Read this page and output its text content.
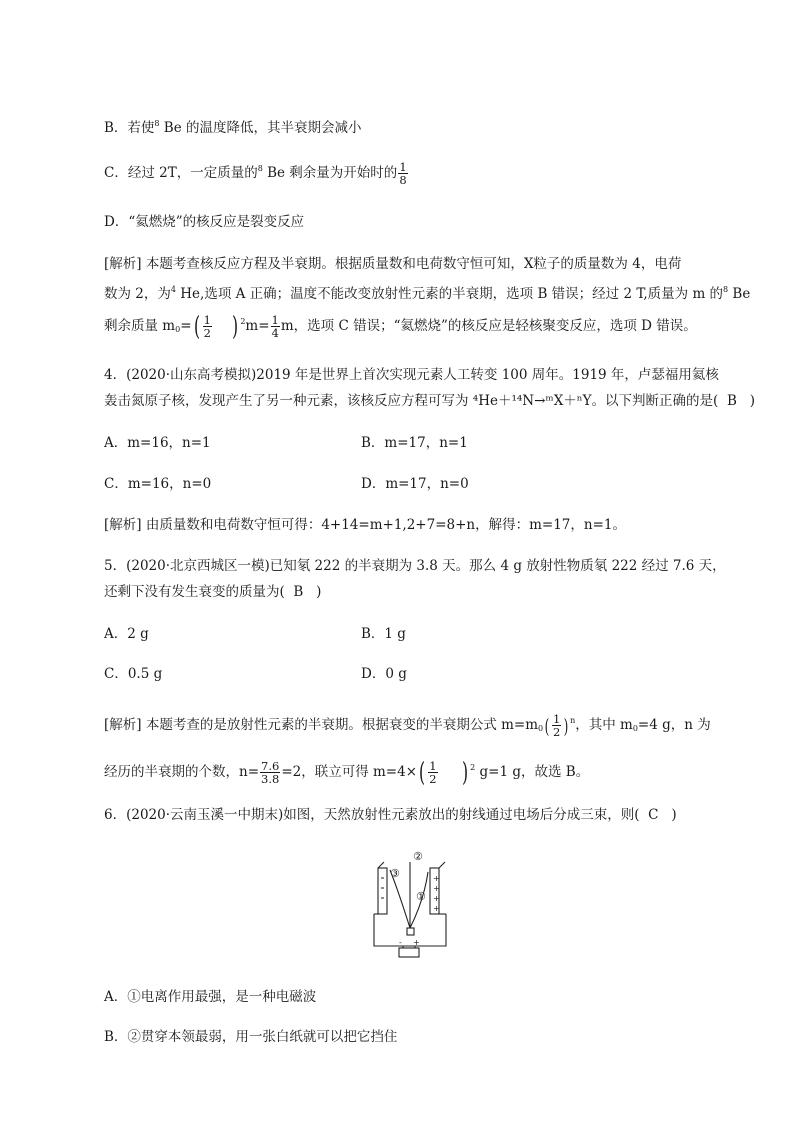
B．若使$^8$ Be 的温度降低，其半衰期会减小
C．经过 2T，一定质量的$^8$ Be 剩余量为开始时的 $\frac{1}{8}$
D．“氦燃烧”的核反应是裂变反应
[解析] 本题考查核反应方程及半衰期。根据质量数和电荷数守恒可知，X粒子的质量数为 4，电荷
数为 2，为$^4$ He,选项 A 正确；温度不能改变放射性元素的半衰期，选项 B 错误；经过 2 T,质量为 m 的$^8$ Be
剩余质量 $m_0=( \frac{1}{2}$ ) $^2m= \frac{1}{4}$ m，选项 C 错误；“氦燃烧”的核反应是轻核聚变反应，选项 D 错误。
4．(2020·山东高考模拟)2019 年是世界上首次实现元素人工转变 100 周年。1919 年，卢瑟福用氦核
轰击氮原子核，发现产生了另一种元素，该核反应方程可写为 ⁴He＋¹⁴N→ᵐX＋ⁿY。以下判断正确的是( B )
A．m=16，n=1	B．m=17，n=1
C．m=16，n=0	D．m=17，n=0
[解析] 由质量数和电荷数守恒可得：4+14=m+1,2+7=8+n，解得：m=17，n=1。
5．(2020·北京西城区一模)已知氡 222 的半衰期为 3.8 天。那么 4 g 放射性物质氡 222 经过 7.6 天，
还剩下没有发生衰变的质量为( B )
A．2 g	B．1 g
C．0.5 g	D．0 g
[解析] 本题考查的是放射性元素的半衰期。根据衰变的半衰期公式 $m=m_0( \frac{1}{2}$ ) $^n$，其中 $m_0=4$ g，n 为
经历的半衰期的个数，$n= \frac{7.6}{3.8} =2$，联立可得 $m=4\times( \frac{1}{2}$ ) $^2$ g=1 g，故选 B。
6．(2020·云南玉溪一中期末)如图，天然放射性元素放出的射线通过电场后分成三束，则( C )
+
+
+
+
①
②
③
- +
A．①电离作用最强，是一种电磁波
B．②贯穿本领最弱，用一张白纸就可以把它挡住
